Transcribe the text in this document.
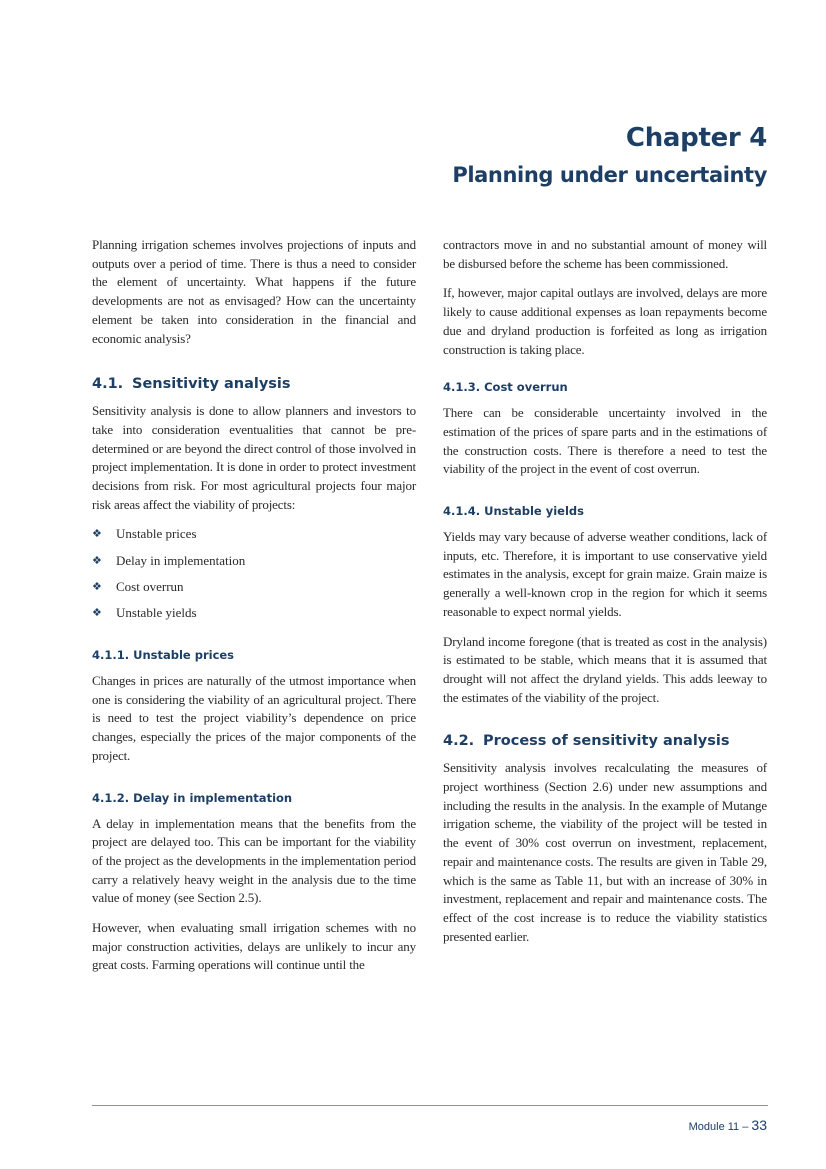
Chapter 4
Planning under uncertainty

Planning irrigation schemes involves projections of inputs and outputs over a period of time. There is thus a need to consider the element of uncertainty. What happens if the future developments are not as envisaged? How can the uncertainty element be taken into consideration in the financial and economic analysis?

4.1. Sensitivity analysis

Sensitivity analysis is done to allow planners and investors to take into consideration eventualities that cannot be pre-determined or are beyond the direct control of those involved in project implementation. It is done in order to protect investment decisions from risk. For most agricultural projects four major risk areas affect the viability of projects:

❖ Unstable prices
❖ Delay in implementation
❖ Cost overrun
❖ Unstable yields
4.1.1. Unstable prices

Changes in prices are naturally of the utmost importance when one is considering the viability of an agricultural project. There is need to test the project viability’s dependence on price changes, especially the prices of the major components of the project.

4.1.2. Delay in implementation

A delay in implementation means that the benefits from the project are delayed too. This can be important for the viability of the project as the developments in the implementation period carry a relatively heavy weight in the analysis due to the time value of money (see Section 2.5).

However, when evaluating small irrigation schemes with no major construction activities, delays are unlikely to incur any great costs. Farming operations will continue until the

contractors move in and no substantial amount of money will be disbursed before the scheme has been commissioned.

If, however, major capital outlays are involved, delays are more likely to cause additional expenses as loan repayments become due and dryland production is forfeited as long as irrigation construction is taking place.

4.1.3. Cost overrun

There can be considerable uncertainty involved in the estimation of the prices of spare parts and in the estimations of the construction costs. There is therefore a need to test the viability of the project in the event of cost overrun.

4.1.4. Unstable yields

Yields may vary because of adverse weather conditions, lack of inputs, etc. Therefore, it is important to use conservative yield estimates in the analysis, except for grain maize. Grain maize is generally a well-known crop in the region for which it seems reasonable to expect normal yields.

Dryland income foregone (that is treated as cost in the analysis) is estimated to be stable, which means that it is assumed that drought will not affect the dryland yields. This adds leeway to the estimates of the viability of the project.

4.2. Process of sensitivity analysis

Sensitivity analysis involves recalculating the measures of project worthiness (Section 2.6) under new assumptions and including the results in the analysis. In the example of Mutange irrigation scheme, the viability of the project will be tested in the event of 30% cost overrun on investment, replacement, repair and maintenance costs. The results are given in Table 29, which is the same as Table 11, but with an increase of 30% in investment, replacement and repair and maintenance costs. The effect of the cost increase is to reduce the viability statistics presented earlier.

Module 11 – 33
